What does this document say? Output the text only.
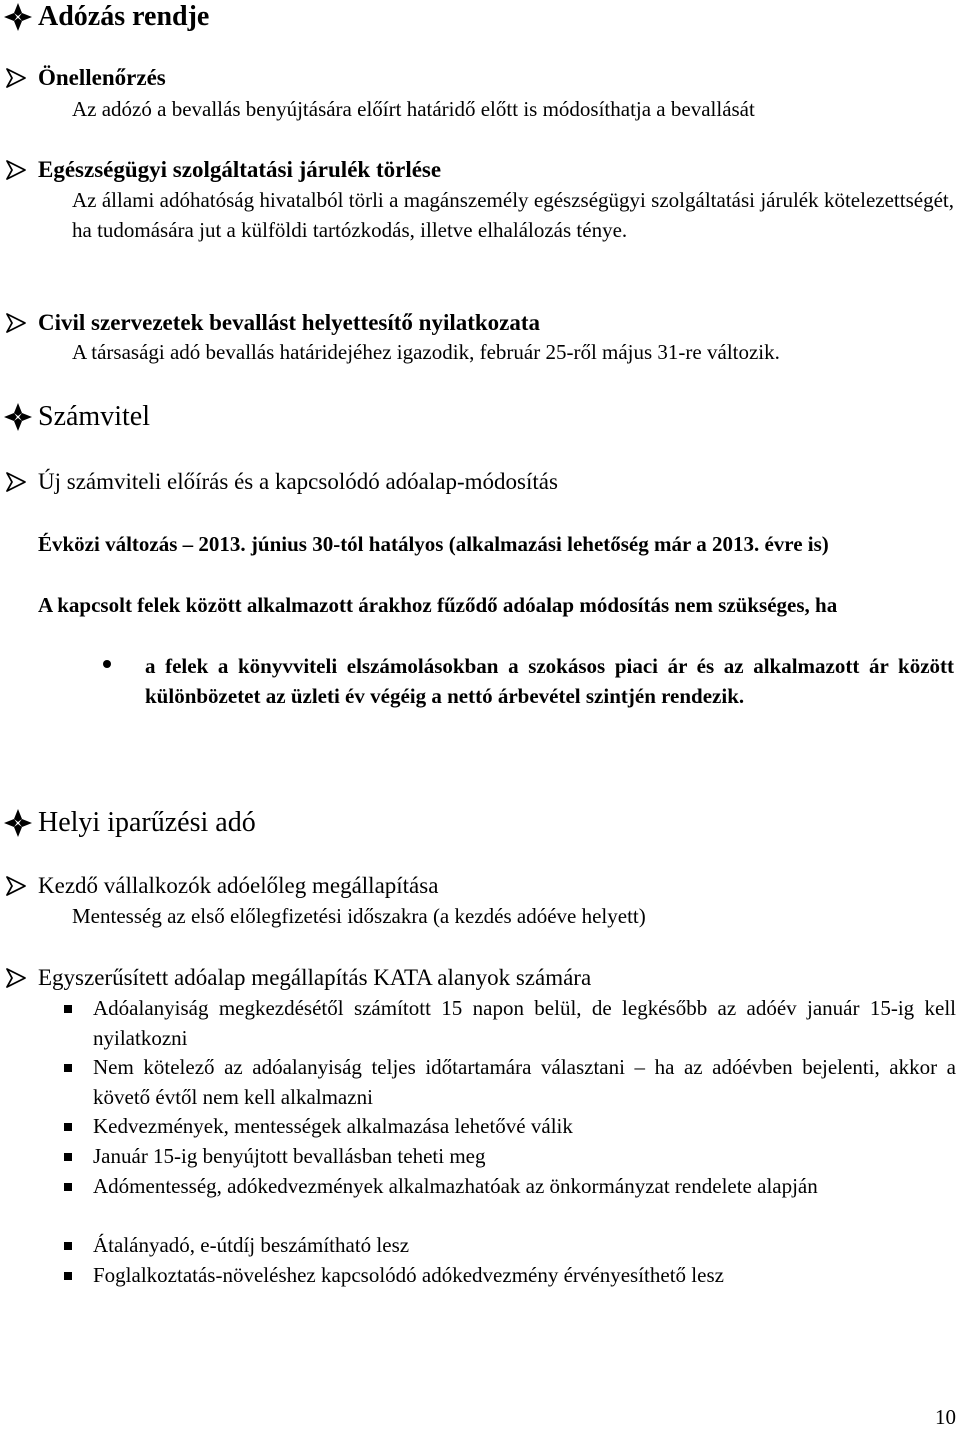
Adózás rendje
Önellenőrzés
Az adózó a bevallás benyújtására előírt határidő előtt is módosíthatja a bevallását
Egészségügyi szolgáltatási járulék törlése
Az állami adóhatóság hivatalból törli a magánszemély egészségügyi szolgáltatási járulék kötelezettségét, ha tudomására jut a külföldi tartózkodás, illetve elhalálozás ténye.
Civil szervezetek bevallást helyettesítő nyilatkozata
A társasági adó bevallás határidejéhez igazodik, február 25-ről május 31-re változik.
Számvitel
Új számviteli előírás és a kapcsolódó adóalap-módosítás
Évközi változás – 2013. június 30-tól hatályos (alkalmazási lehetőség már a 2013. évre is)
A kapcsolt felek között alkalmazott árakhoz fűződő adóalap módosítás nem szükséges, ha
a felek a könyvviteli elszámolásokban a szokásos piaci ár és az alkalmazott ár között különbözetet az üzleti év végéig a nettó árbevétel szintjén rendezik.
Helyi iparűzési adó
Kezdő vállalkozók adóelőleg megállapítása
Mentesség az első előlegfizetési időszakra (a kezdés adóéve helyett)
Egyszerűsített adóalap megállapítás KATA alanyok számára
Adóalanyiság megkezdésétől számított 15 napon belül, de legkésőbb az adóév január 15-ig kell nyilatkozni
Nem kötelező az adóalanyiság teljes időtartamára választani – ha az adóévben bejelenti, akkor a követő évtől nem kell alkalmazni
Kedvezmények, mentességek alkalmazása lehetővé válik
Január 15-ig benyújtott bevallásban teheti meg
Adómentesség, adókedvezmények alkalmazhatóak az önkormányzat rendelete alapján
Átalányadó, e-útdíj beszámítható lesz
Foglalkoztatás-növeléshez kapcsolódó adókedvezmény érvényesíthető lesz
10
